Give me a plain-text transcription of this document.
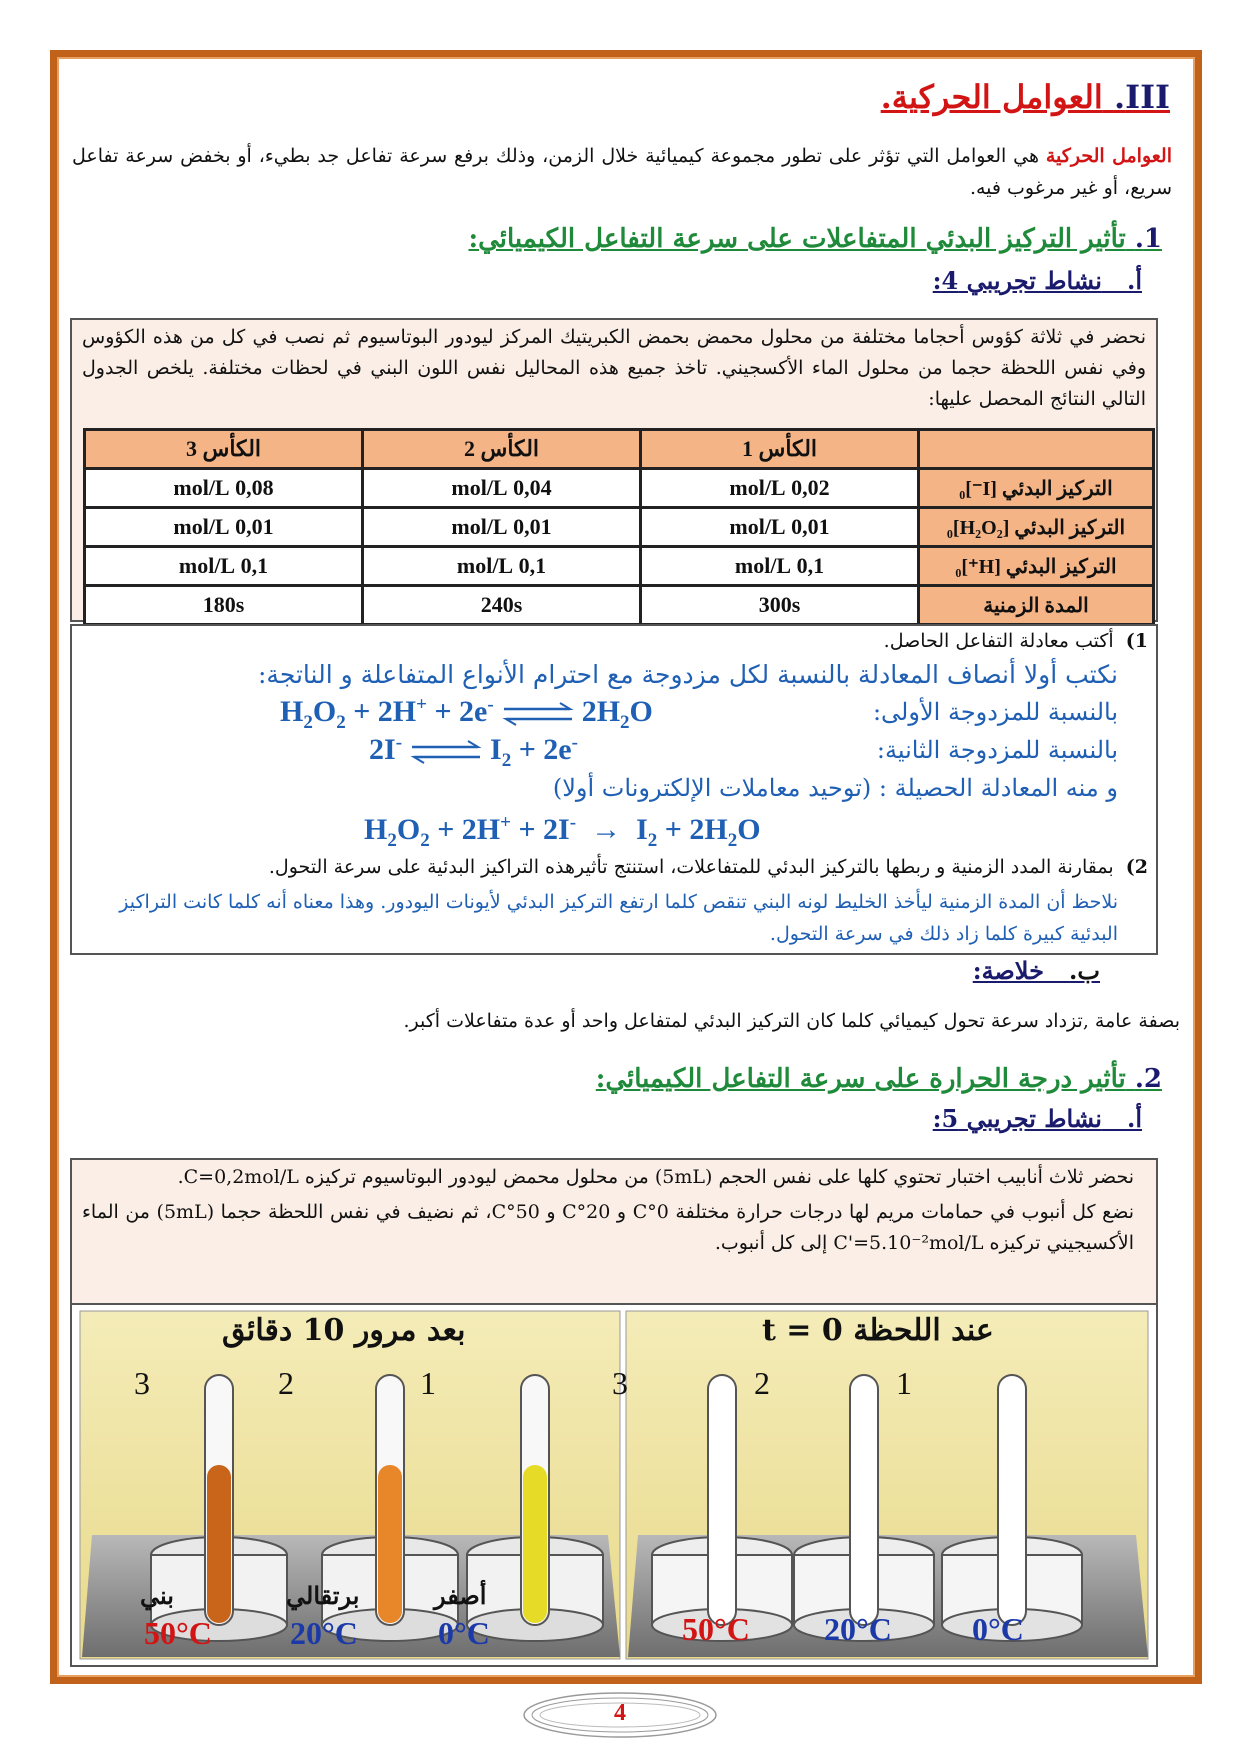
III. العوامل الحركية.
العوامل الحركية هي العوامل التي تؤثر على تطور مجموعة كيميائية خلال الزمن، وذلك برفع سرعة تفاعل جد بطيء، أو بخفض سرعة تفاعل سريع، أو غير مرغوب فيه.
1. تأثير التركيز البدئي المتفاعلات على سرعة التفاعل الكيميائي:
أ.   نشاط تجريبي 4:
نحضر في ثلاثة كؤوس أحجاما مختلفة من محلول محمض بحمض الكبريتيك المركز ليودور البوتاسيوم ثم نصب في كل من هذه الكؤوس وفي نفس اللحظة حجما من محلول الماء الأكسجيني. تاخذ جميع هذه المحاليل نفس اللون البني في لحظات مختلفة. يلخص الجدول التالي النتائج المحصل عليها:
	الكأس 1	الكأس 2	الكأس 3
التركيز البدئي [I⁻]₀	0,02 mol/L	0,04 mol/L	0,08 mol/L
التركيز البدئي [H₂O₂]₀	0,01 mol/L	0,01 mol/L	0,01 mol/L
التركيز البدئي [H⁺]₀	0,1 mol/L	0,1 mol/L	0,1 mol/L
المدة الزمنية	300s	240s	180s
1)  أكتب معادلة التفاعل الحاصل.
نكتب أولا أنصاف المعادلة بالنسبة لكل مزدوجة مع احترام الأنواع المتفاعلة و الناتجة:
بالنسبة للمزدوجة الأولى:
$H_2O_2 + 2H^+ + 2e^-$ ⇌ $2H_2O$
بالنسبة للمزدوجة الثانية:
2I- ⇌ $I_2 + 2e^-$
و منه المعادلة الحصيلة : (توحيد معاملات الإلكترونات أولا)
$H_2O_2 + 2H^+ + 2I^- \to I_2 + 2H_2O$
2)  بمقارنة المدد الزمنية و ربطها بالتركيز البدئي للمتفاعلات، استنتج تأثيرهذه التراكيز البدئية على سرعة التحول.
نلاحظ أن المدة الزمنية ليأخذ الخليط لونه البني تنقص كلما ارتفع التركيز البدئي لأيونات اليودور. وهذا معناه أنه كلما كانت التراكيز البدئية كبيرة كلما زاد ذلك في سرعة التحول.
ب.   خلاصة:
بصفة عامة ,تزداد سرعة تحول كيميائي كلما كان التركيز البدئي لمتفاعل واحد أو عدة متفاعلات أكبر.
2. تأثير درجة الحرارة على سرعة التفاعل الكيميائي:
أ.   نشاط تجريبي 5:
نحضر ثلاث أنابيب اختبار تحتوي كلها على نفس الحجم (5mL) من محلول محمض ليودور البوتاسيوم تركيزه C=0,2mol/L.
نضع كل أنبوب في حمامات مريم لها درجات حرارة مختلفة 0°C و 20°C و 50°C، ثم نضيف في نفس اللحظة حجما (5mL) من الماء الأكسيجيني تركيزه C'=5.10⁻²mol/L إلى كل أنبوب.
بعد مرور 10 دقائق	عند اللحظة t = 0
3	2	1	3	2	1
بني	برتقالي	أصفر
50°C 20°C	0°C	50°C 20°C	0°C
4
